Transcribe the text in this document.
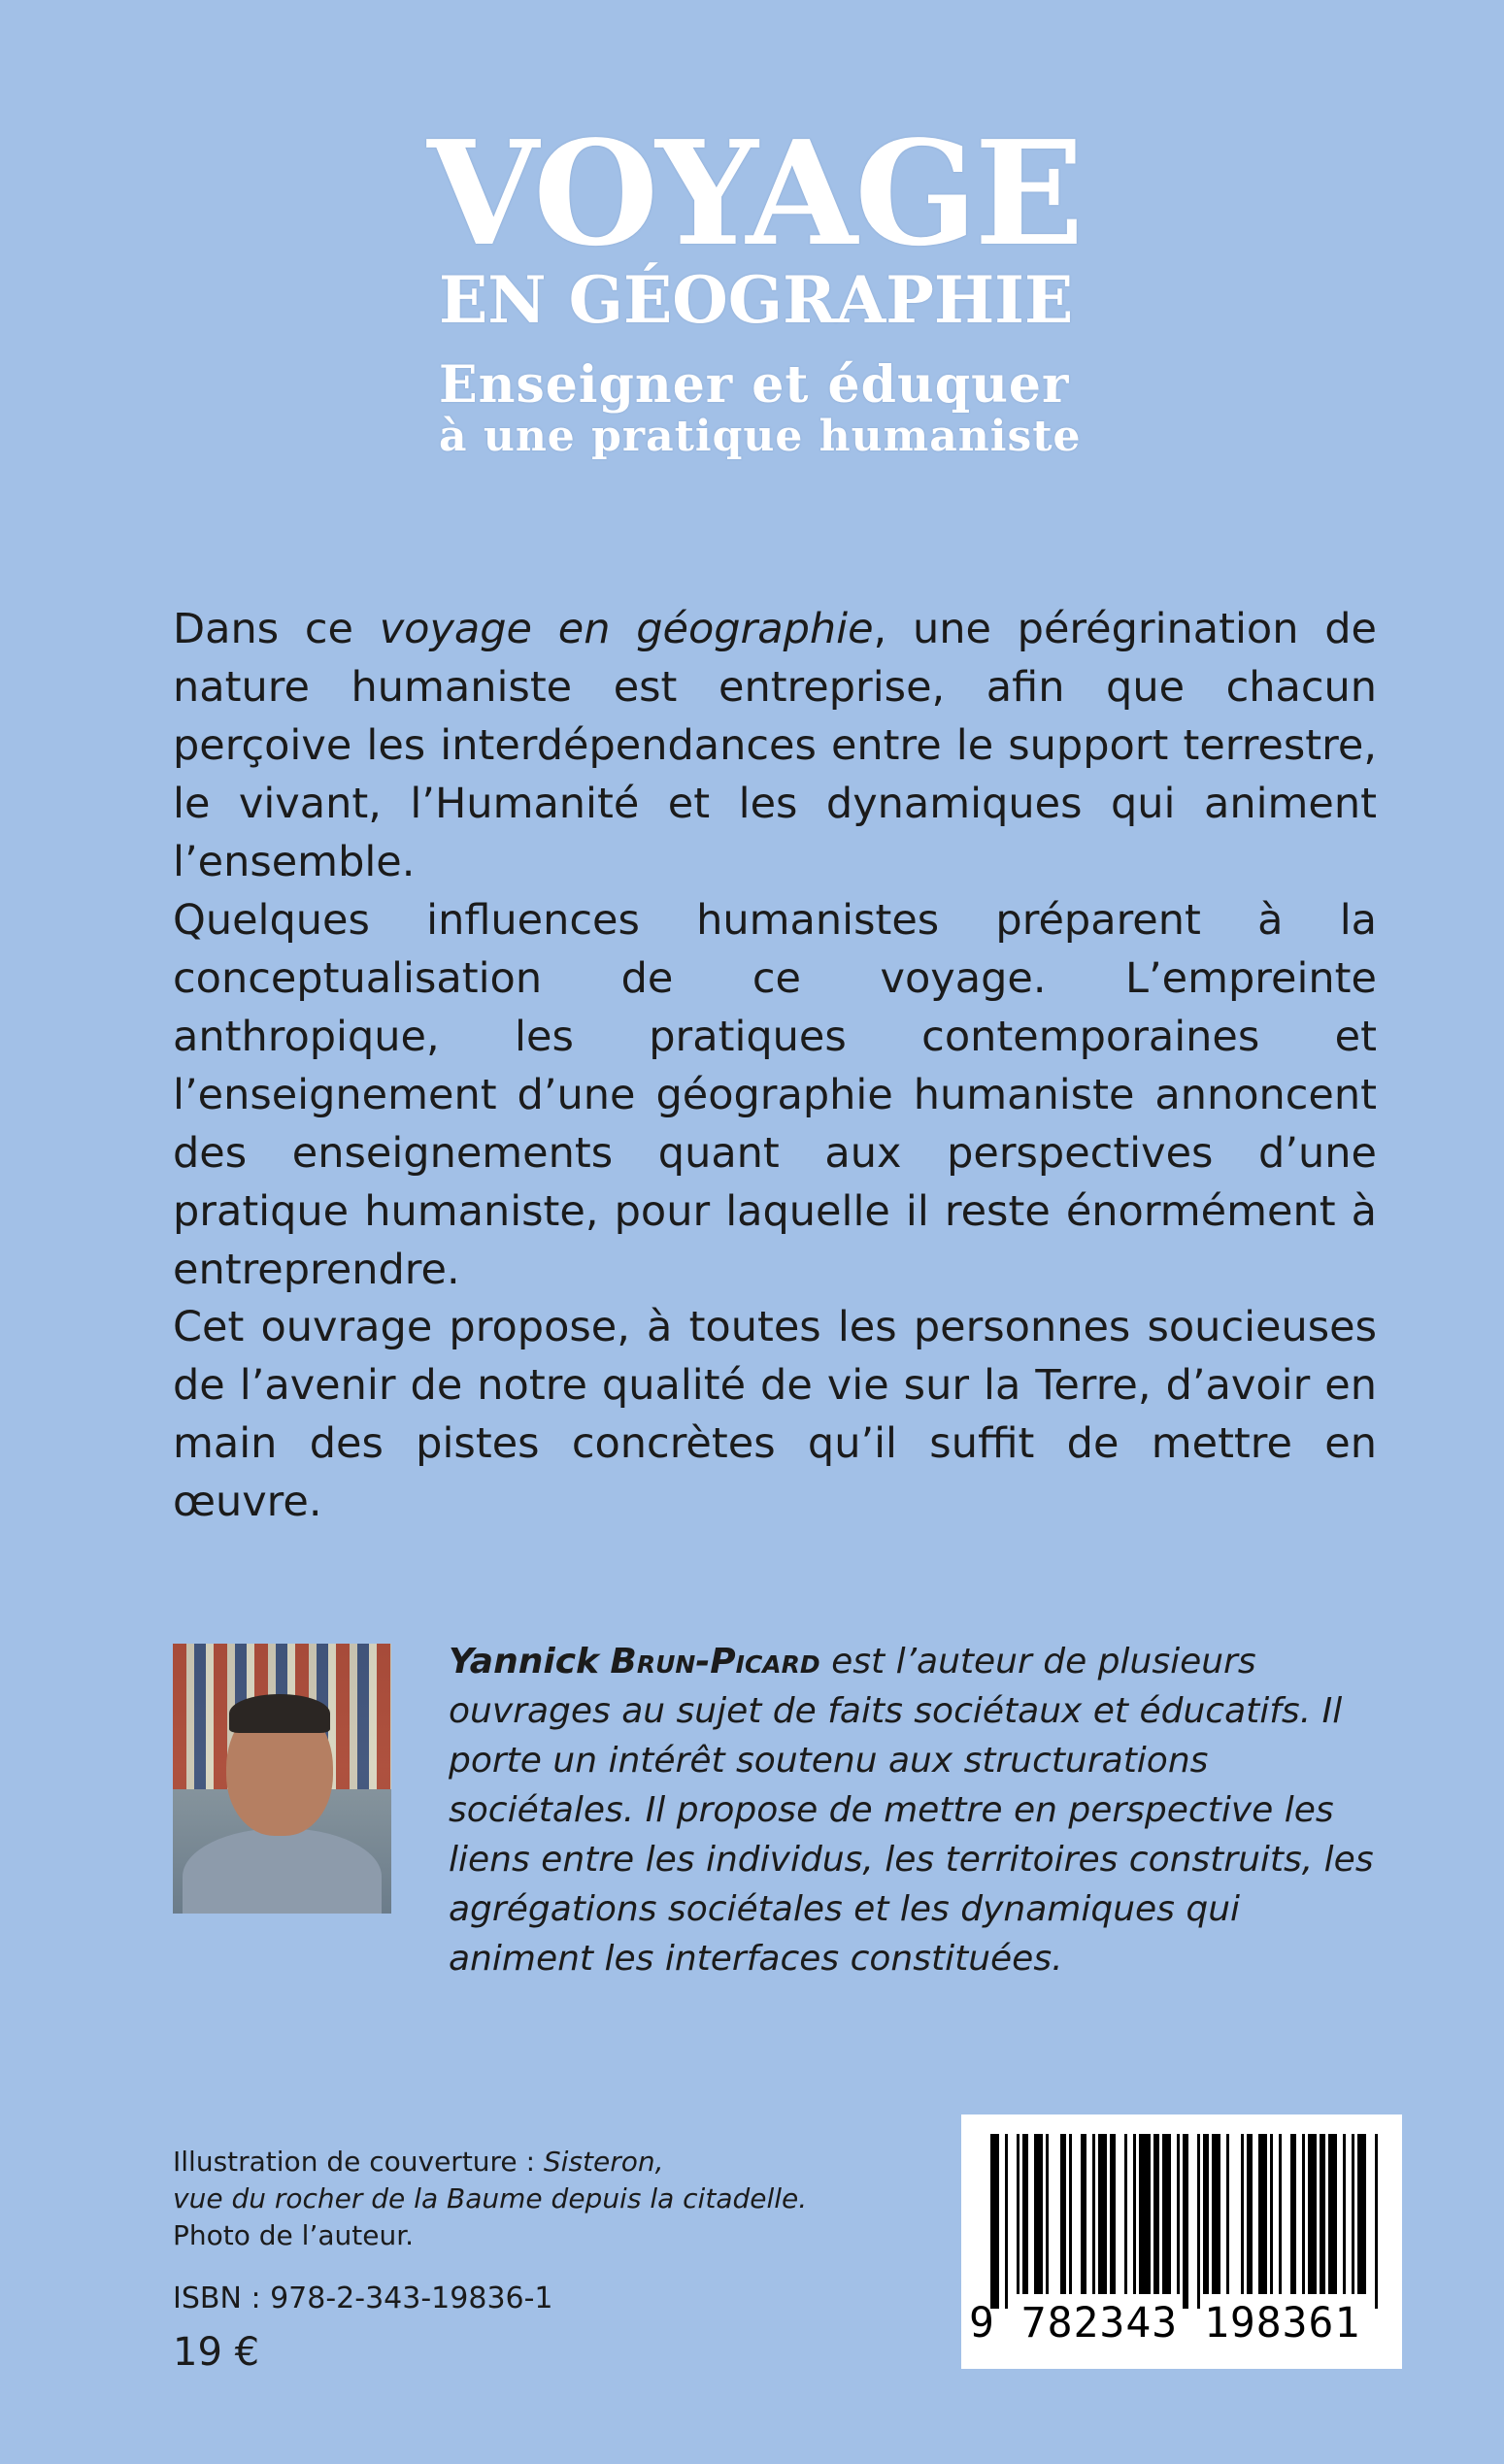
VOYAGE
EN GÉOGRAPHIE
Enseigner et éduquer
à une pratique humaniste

Dans ce voyage en géographie, une pérégrination de nature humaniste est entreprise, afin que chacun perçoive les interdépendances entre le support terrestre, le vivant, l’Humanité et les dynamiques qui animent l’ensemble.

Quelques influences humanistes préparent à la conceptualisation de ce voyage. L’empreinte anthropique, les pratiques contemporaines et l’enseignement d’une géographie humaniste annoncent des enseignements quant aux perspectives d’une pratique humaniste, pour laquelle il reste énormément à entreprendre.

Cet ouvrage propose, à toutes les personnes soucieuses de l’avenir de notre qualité de vie sur la Terre, d’avoir en main des pistes concrètes qu’il suffit de mettre en œuvre.

Yannick Brun-Picard est l’auteur de plusieurs ouvrages au sujet de faits sociétaux et éducatifs. Il porte un intérêt soutenu aux structurations sociétales. Il propose de mettre en perspective les liens entre les individus, les territoires construits, les agrégations sociétales et les dynamiques qui animent les interfaces constituées.

Illustration de couverture : Sisteron,
vue du rocher de la Baume depuis la citadelle.
Photo de l’auteur.

ISBN : 978-2-343-19836-1

19 €

9 782343 198361
